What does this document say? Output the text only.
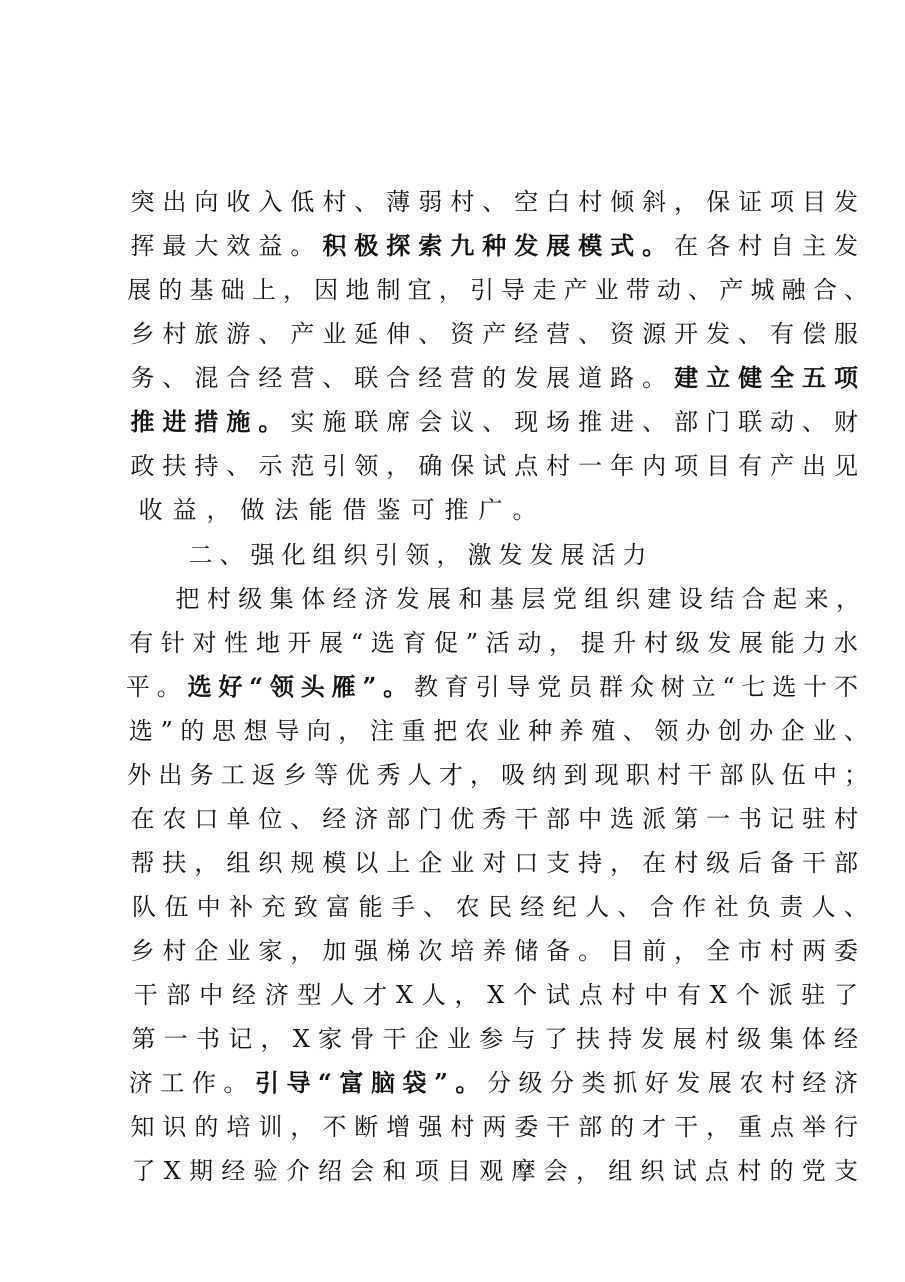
突出向收入低村、薄弱村、空白村倾斜，保证项目发

挥最大效益。积极探索九种发展模式。在各村自主发

展的基础上，因地制宜，引导走产业带动、产城融合、

乡村旅游、产业延伸、资产经营、资源开发、有偿服

务、混合经营、联合经营的发展道路。建立健全五项

推进措施。实施联席会议、现场推进、部门联动、财

政扶持、示范引领，确保试点村一年内项目有产出见

收益，做法能借鉴可推广。

二、强化组织引领，激发发展活力

把村级集体经济发展和基层党组织建设结合起来，

有针对性地开展“选育促”活动，提升村级发展能力水

平。选好“领头雁”。教育引导党员群众树立“七选十不

选”的思想导向，注重把农业种养殖、领办创办企业、

外出务工返乡等优秀人才，吸纳到现职村干部队伍中；

在农口单位、经济部门优秀干部中选派第一书记驻村

帮扶，组织规模以上企业对口支持，在村级后备干部

队伍中补充致富能手、农民经纪人、合作社负责人、

乡村企业家，加强梯次培养储备。目前，全市村两委

干部中经济型人才X人，X个试点村中有X个派驻了

第一书记，X家骨干企业参与了扶持发展村级集体经

济工作。引导“富脑袋”。分级分类抓好发展农村经济

知识的培训，不断增强村两委干部的才干，重点举行

了X期经验介绍会和项目观摩会，组织试点村的党支
